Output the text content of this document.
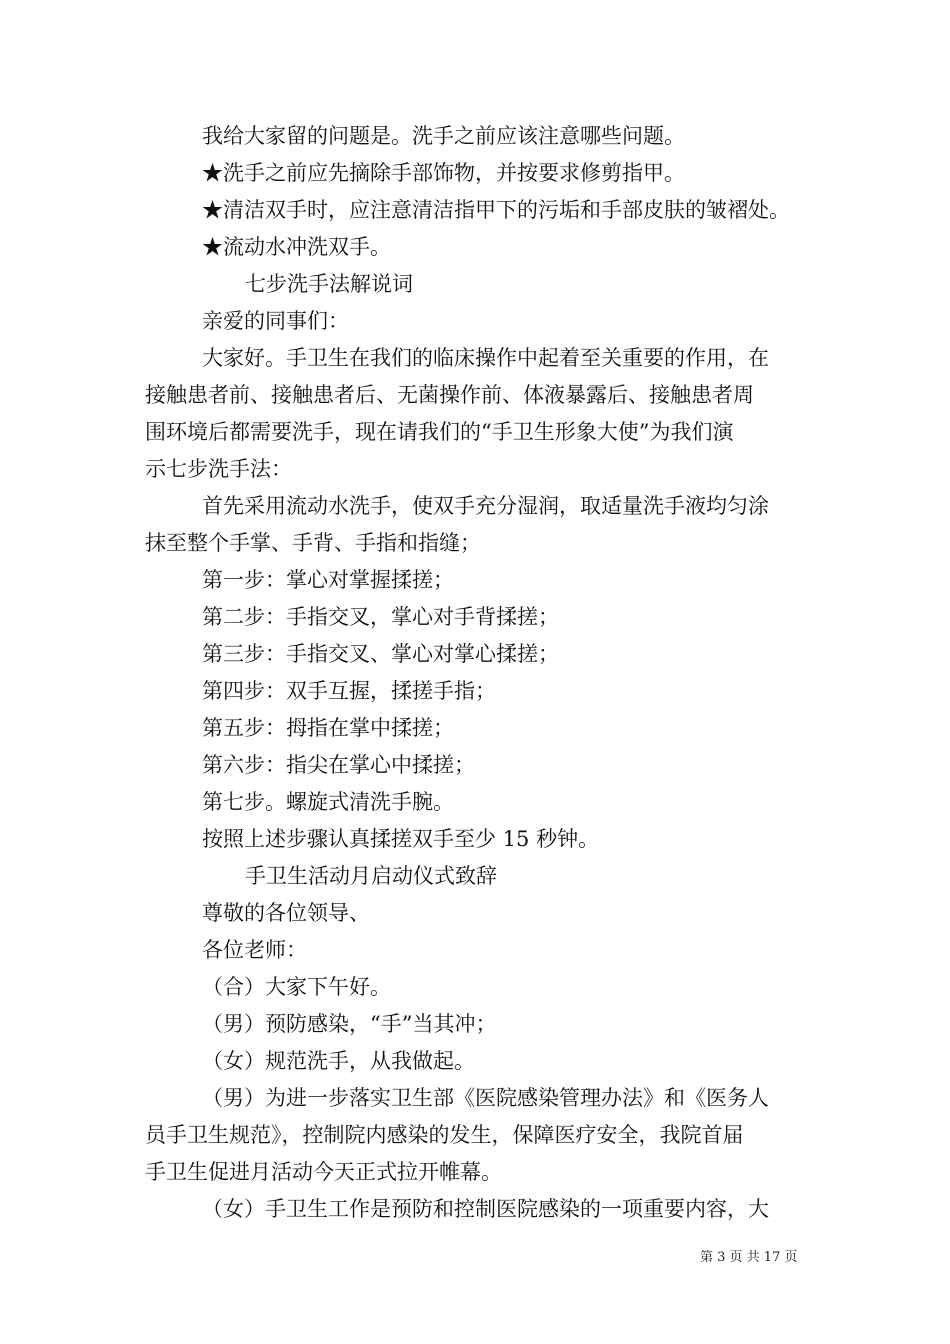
我给大家留的问题是。洗手之前应该注意哪些问题。
★洗手之前应先摘除手部饰物，并按要求修剪指甲。
★清洁双手时，应注意清洁指甲下的污垢和手部皮肤的皱褶处。
★流动水冲洗双手。
七步洗手法解说词
亲爱的同事们：
大家好。手卫生在我们的临床操作中起着至关重要的作用，在
接触患者前、接触患者后、无菌操作前、体液暴露后、接触患者周
围环境后都需要洗手，现在请我们的“手卫生形象大使”为我们演
示七步洗手法：
首先采用流动水洗手，使双手充分湿润，取适量洗手液均匀涂
抹至整个手掌、手背、手指和指缝；
第一步：掌心对掌握揉搓；
第二步：手指交叉，掌心对手背揉搓；
第三步：手指交叉、掌心对掌心揉搓；
第四步：双手互握，揉搓手指；
第五步：拇指在掌中揉搓；
第六步：指尖在掌心中揉搓；
第七步。螺旋式清洗手腕。
按照上述步骤认真揉搓双手至少 15 秒钟。
手卫生活动月启动仪式致辞
尊敬的各位领导、
各位老师：
（合）大家下午好。
（男）预防感染，“手”当其冲；
（女）规范洗手，从我做起。
（男）为进一步落实卫生部《医院感染管理办法》和《医务人
员手卫生规范》，控制院内感染的发生，保障医疗安全，我院首届
手卫生促进月活动今天正式拉开帷幕。
（女）手卫生工作是预防和控制医院感染的一项重要内容，大
第 3 页 共 17 页
